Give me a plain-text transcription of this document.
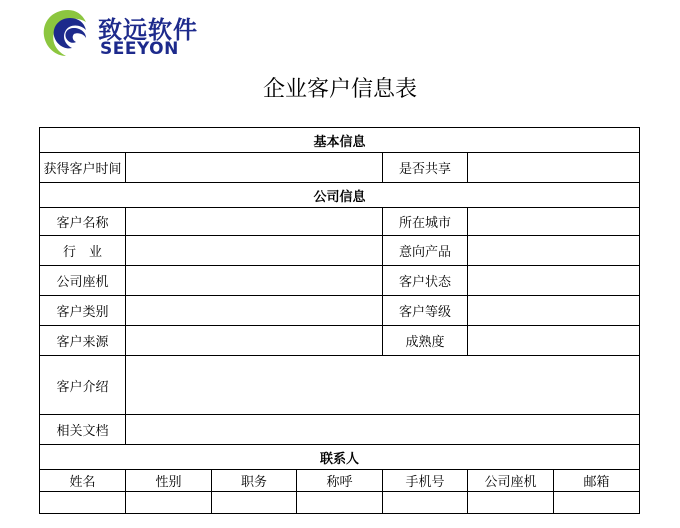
致远软件
SEEYON
企业客户信息表
基本信息						
获得客户时间				是否共享		
公司信息						
客户名称				所在城市		
行　业				意向产品		
公司座机				客户状态		
客户类别				客户等级		
客户来源				成熟度		
客户介绍						
相关文档						
联系人						
姓名	性别	职务	称呼	手机号	公司座机	邮箱
